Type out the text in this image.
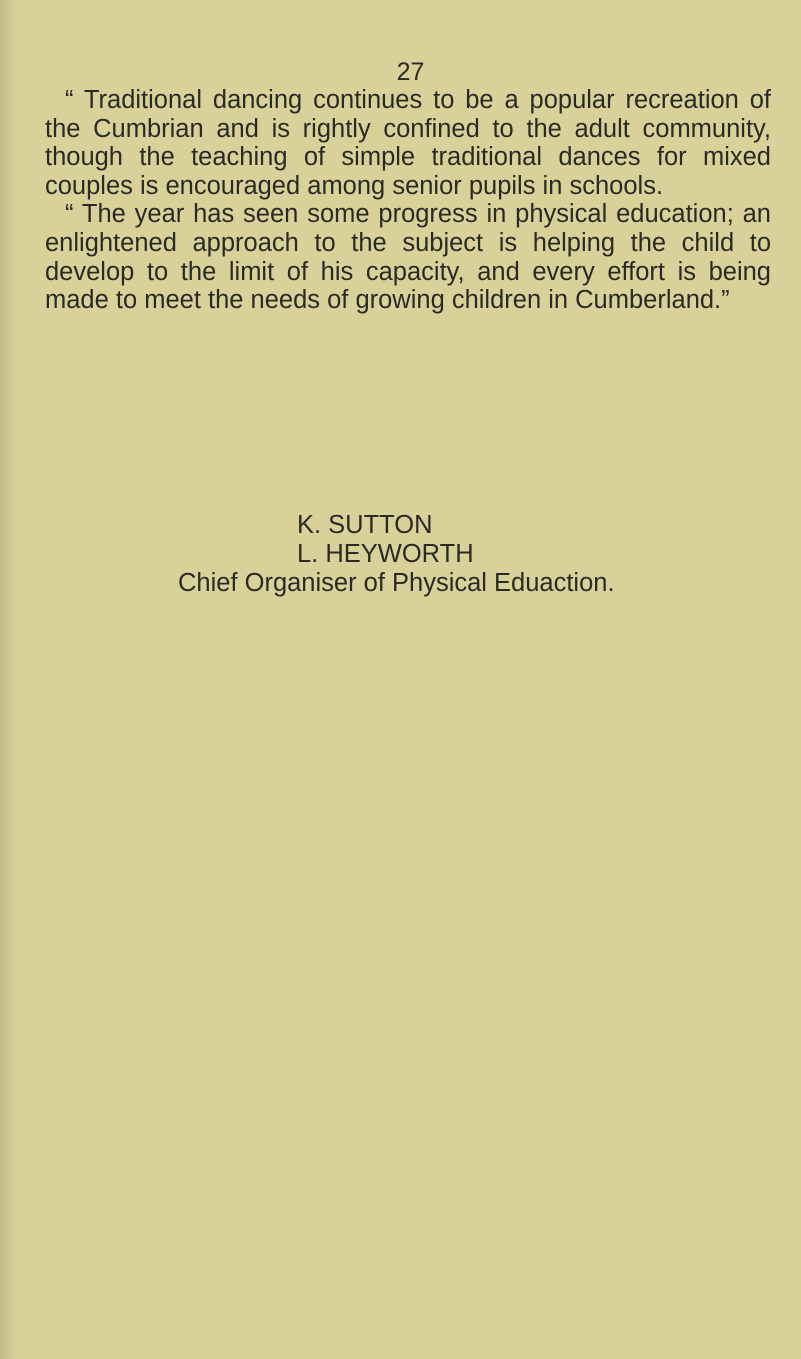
27

“ Traditional dancing continues to be a popular recreation of the Cumbrian and is rightly confined to the adult community, though the teaching of simple traditional dances for mixed couples is encouraged among senior pupils in schools.

“ The year has seen some progress in physical education; an enlightened approach to the subject is helping the child to develop to the limit of his capacity, and every effort is being made to meet the needs of growing children in Cumberland.”

K. SUTTON
L. HEYWORTH
Chief Organiser of Physical Eduaction.
